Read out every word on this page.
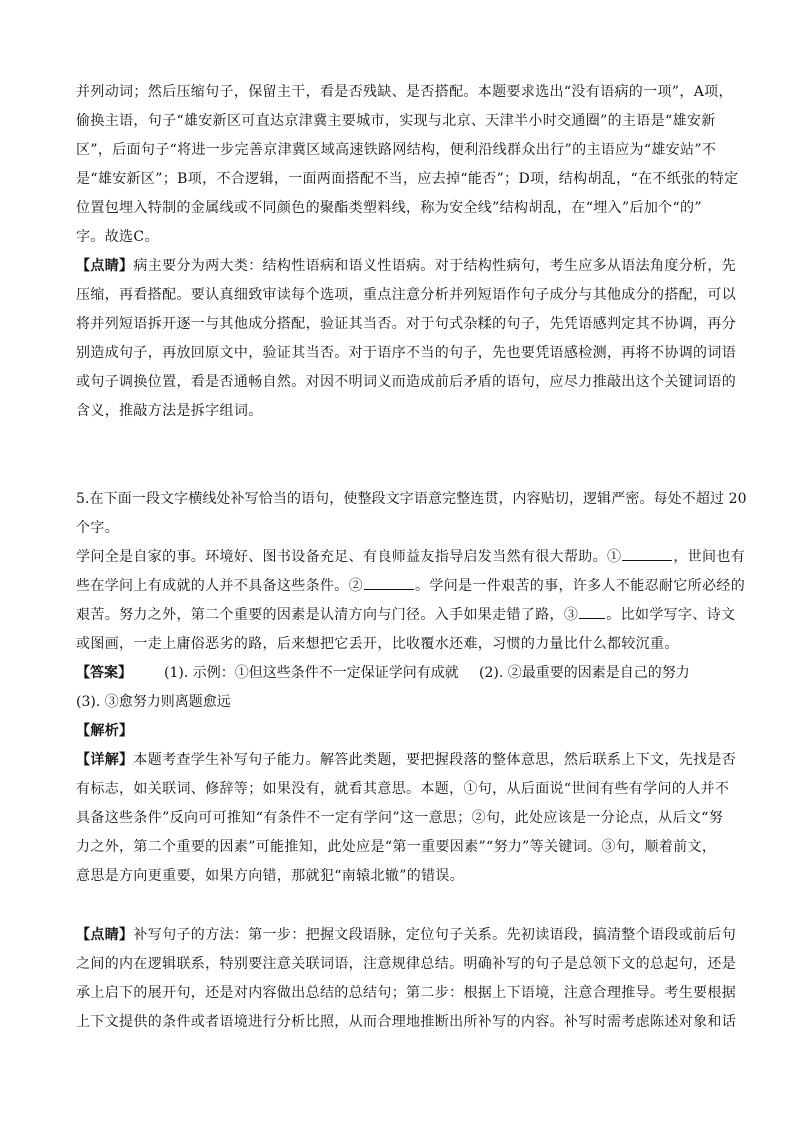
并列动词；然后压缩句子，保留主干，看是否残缺、是否搭配。本题要求选出“没有语病的一项”，A项，
偷换主语，句子“雄安新区可直达京津冀主要城市，实现与北京、天津半小时交通圈”的主语是“雄安新
区”，后面句子“将进一步完善京津冀区域高速铁路网结构，便利沿线群众出行”的主语应为“雄安站”不
是“雄安新区”；B项，不合逻辑，一面两面搭配不当，应去掉“能否”；D项，结构胡乱，“在不纸张的特定
位置包埋入特制的金属线或不同颜色的聚酯类塑料线，称为安全线”结构胡乱，在“埋入”后加个“的”
字。故选C。
【点睛】病主要分为两大类：结构性语病和语义性语病。对于结构性病句，考生应多从语法角度分析，先
压缩，再看搭配。要认真细致审读每个选项，重点注意分析并列短语作句子成分与其他成分的搭配，可以
将并列短语拆开逐一与其他成分搭配，验证其当否。对于句式杂糅的句子，先凭语感判定其不协调，再分
别造成句子，再放回原文中，验证其当否。对于语序不当的句子，先也要凭语感检测，再将不协调的词语
或句子调换位置，看是否通畅自然。对因不明词义而造成前后矛盾的语句，应尽力推敲出这个关键词语的
含义，推敲方法是拆字组词。
5.在下面一段文字横线处补写恰当的语句，使整段文字语意完整连贯，内容贴切，逻辑严密。每处不超过 20
个字。
学问全是自家的事。环境好、图书设备充足、有良师益友指导启发当然有很大帮助。①	，世间也有
些在学问上有成就的人并不具备这些条件。②	。学问是一件艰苦的事，许多人不能忍耐它所必经的
艰苦。努力之外，第二个重要的因素是认清方向与门径。入手如果走错了路，③ 。比如学写字、诗文
或图画，一走上庸俗恶劣的路，后来想把它丢开，比收覆水还难，习惯的力量比什么都较沉重。
【答案】 (1). 示例：①但这些条件不一定保证学问有成就 (2). ②最重要的因素是自己的努力
(3). ③愈努力则离题愈远
【解析】
【详解】本题考查学生补写句子能力。解答此类题，要把握段落的整体意思，然后联系上下文，先找是否
有标志，如关联词、修辞等；如果没有，就看其意思。本题，①句，从后面说“世间有些有学问的人并不
具备这些条件”反向可可推知“有条件不一定有学问”这一意思；②句，此处应该是一分论点，从后文“努
力之外，第二个重要的因素”可能推知，此处应是“第一重要因素”“努力”等关键词。③句，顺着前文，
意思是方向更重要，如果方向错，那就犯“南辕北辙”的错误。
【点睛】补写句子的方法：第一步：把握文段语脉，定位句子关系。先初读语段，搞清整个语段或前后句
之间的内在逻辑联系，特别要注意关联词语，注意规律总结。明确补写的句子是总领下文的总起句，还是
承上启下的展开句，还是对内容做出总结的总结句；第二步：根据上下语境，注意合理推导。考生要根据
上下文提供的条件或者语境进行分析比照，从而合理地推断出所补写的内容。补写时需考虑陈述对象和话
